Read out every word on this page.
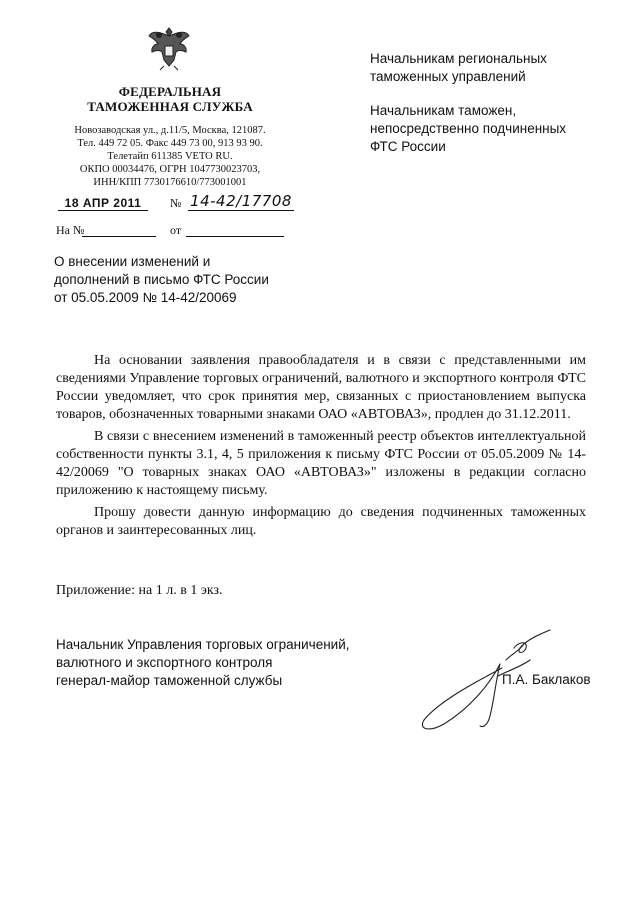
ФЕДЕРАЛЬНАЯ
ТАМОЖЕННАЯ СЛУЖБА
Новозаводская ул., д.11/5, Москва, 121087.
Тел. 449 72 05. Факс 449 73 00, 913 93 90.
Телетайп 611385 VETO RU.
ОКПО 00034476, ОГРН 1047730023703,
ИНН/КПП 7730176610/773001001
18 АПР 2011	№ 14-42/17708
На №	от
Начальникам региональных
таможенных управлений
Начальникам таможен,
непосредственно подчиненных
ФТС России
О внесении изменений и
дополнений в письмо ФТС России
от 05.05.2009 № 14-42/20069

На основании заявления правообладателя и в связи с представленными им сведениями Управление торговых ограничений, валютного и экспортного контроля ФТС России уведомляет, что срок принятия мер, связанных с приостановлением выпуска товаров, обозначенных товарными знаками ОАО «АВТОВАЗ», продлен до 31.12.2011.

В связи с внесением изменений в таможенный реестр объектов интеллектуальной собственности пункты 3.1, 4, 5 приложения к письму ФТС России от 05.05.2009 № 14-42/20069 "О товарных знаках ОАО «АВТОВАЗ»" изложены в редакции согласно приложению к настоящему письму.

Прошу довести данную информацию до сведения подчиненных таможенных органов и заинтересованных лиц.

Приложение: на 1 л. в 1 экз.
Начальник Управления торговых ограничений,
валютного и экспортного контроля
генерал-майор таможенной службы	П.А. Баклаков
